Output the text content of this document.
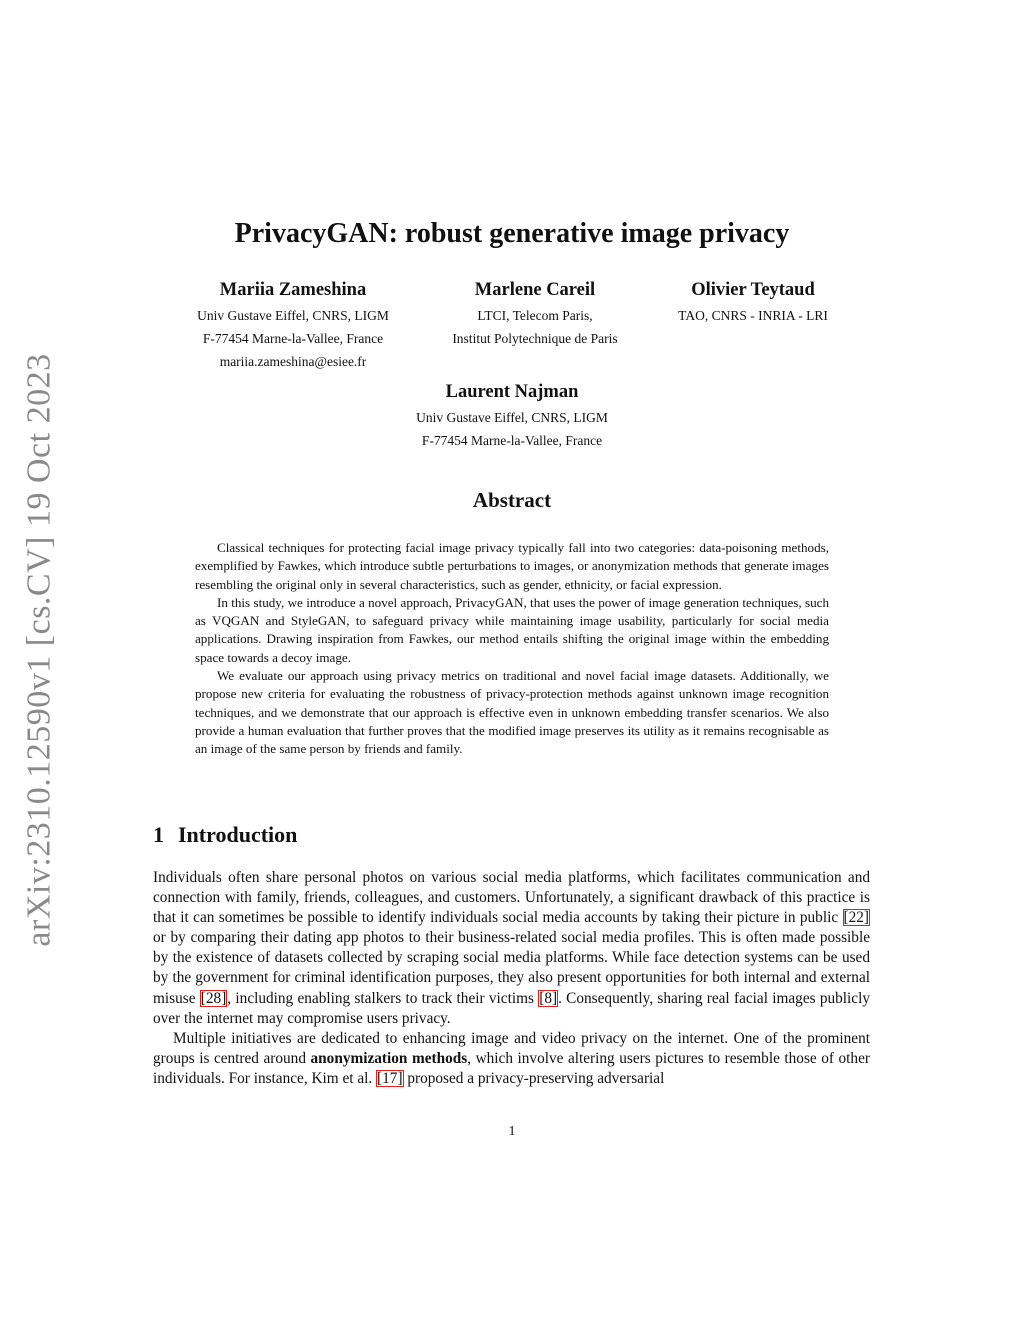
arXiv:2310.12590v1 [cs.CV] 19 Oct 2023
PrivacyGAN: robust generative image privacy
Mariia Zameshina
Univ Gustave Eiffel, CNRS, LIGM
F-77454 Marne-la-Vallee, France
mariia.zameshina@esiee.fr
Marlene Careil
LTCI, Telecom Paris,
Institut Polytechnique de Paris
Olivier Teytaud
TAO, CNRS - INRIA - LRI
Laurent Najman
Univ Gustave Eiffel, CNRS, LIGM
F-77454 Marne-la-Vallee, France
Abstract

Classical techniques for protecting facial image privacy typically fall into two categories: data-poisoning methods, exemplified by Fawkes, which introduce subtle perturbations to images, or anonymization methods that generate images resembling the original only in several characteristics, such as gender, ethnicity, or facial expression.

In this study, we introduce a novel approach, PrivacyGAN, that uses the power of image generation techniques, such as VQGAN and StyleGAN, to safeguard privacy while maintaining image usability, particularly for social media applications. Drawing inspiration from Fawkes, our method entails shifting the original image within the embedding space towards a decoy image.

We evaluate our approach using privacy metrics on traditional and novel facial image datasets. Additionally, we propose new criteria for evaluating the robustness of privacy-protection methods against unknown image recognition techniques, and we demonstrate that our approach is effective even in unknown embedding transfer scenarios. We also provide a human evaluation that further proves that the modified image preserves its utility as it remains recognisable as an image of the same person by friends and family.

1 Introduction

Individuals often share personal photos on various social media platforms, which facilitates communication and connection with family, friends, colleagues, and customers. Unfortunately, a significant drawback of this practice is that it can sometimes be possible to identify individuals social media accounts by taking their picture in public [22] or by comparing their dating app photos to their business-related social media profiles. This is often made possible by the existence of datasets collected by scraping social media platforms. While face detection systems can be used by the government for criminal identification purposes, they also present opportunities for both internal and external misuse [28], including enabling stalkers to track their victims [8]. Consequently, sharing real facial images publicly over the internet may compromise users privacy.

Multiple initiatives are dedicated to enhancing image and video privacy on the internet. One of the prominent groups is centred around anonymization methods, which involve altering users pictures to resemble those of other individuals. For instance, Kim et al. [17] proposed a privacy-preserving adversarial

1
